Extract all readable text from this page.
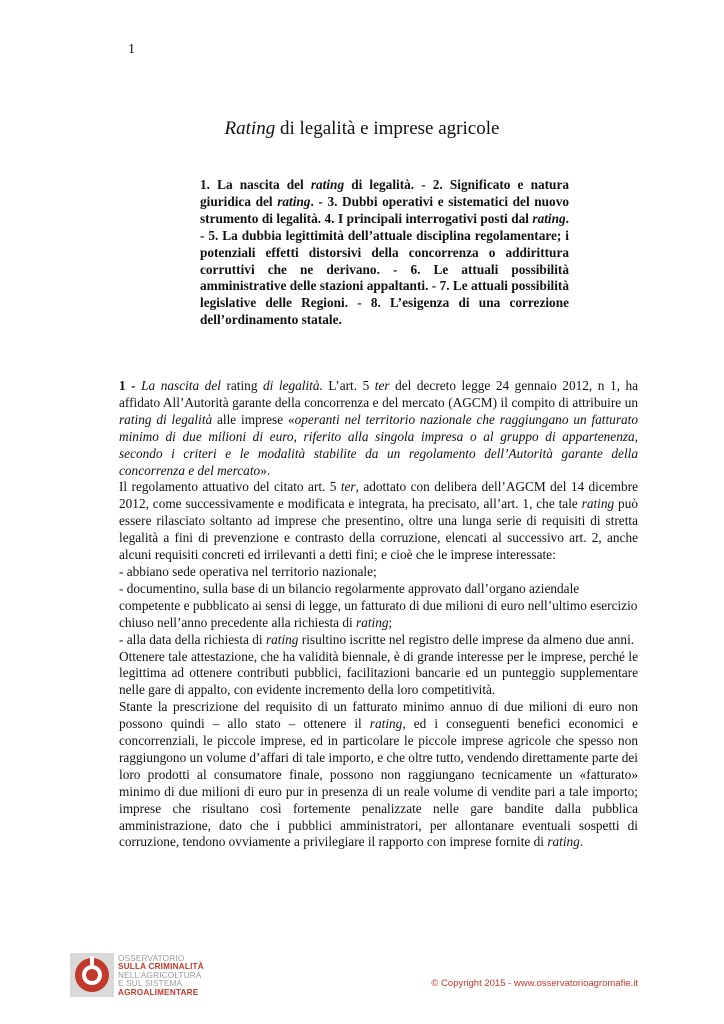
1
Rating di legalità e imprese agricole
1. La nascita del rating di legalità. - 2. Significato e natura giuridica del rating. - 3. Dubbi operativi e sistematici del nuovo strumento di legalità. 4. I principali interrogativi posti dal rating. - 5. La dubbia legittimità dell’attuale disciplina regolamentare; i potenziali effetti distorsivi della concorrenza o addirittura corruttivi che ne derivano. - 6. Le attuali possibilità amministrative delle stazioni appaltanti. - 7. Le attuali possibilità legislative delle Regioni. - 8. L’esigenza di una correzione dell’ordinamento statale.

1 - La nascita del rating di legalità. L’art. 5 ter del decreto legge 24 gennaio 2012, n 1, ha affidato All’Autorità garante della concorrenza e del mercato (AGCM) il compito di attribuire un rating di legalità alle imprese «operanti nel territorio nazionale che raggiungano un fatturato minimo di due milioni di euro, riferito alla singola impresa o al gruppo di appartenenza, secondo i criteri e le modalità stabilite da un regolamento dell’Autorità garante della concorrenza e del mercato».

Il regolamento attuativo del citato art. 5 ter, adottato con delibera dell’AGCM del 14 dicembre 2012, come successivamente e modificata e integrata, ha precisato, all’art. 1, che tale rating può essere rilasciato soltanto ad imprese che presentino, oltre una lunga serie di requisiti di stretta legalità a fini di prevenzione e contrasto della corruzione, elencati al successivo art. 2, anche alcuni requisiti concreti ed irrilevanti a detti fini; e cioè che le imprese interessate:

- abbiano sede operativa nel territorio nazionale;

- documentino, sulla base di un bilancio regolarmente approvato dall’organo aziendale competente e pubblicato ai sensi di legge, un fatturato di due milioni di euro nell’ultimo esercizio chiuso nell’anno precedente alla richiesta di rating;

- alla data della richiesta di rating risultino iscritte nel registro delle imprese da almeno due anni.

Ottenere tale attestazione, che ha validità biennale, è di grande interesse per le imprese, perché le legittima ad ottenere contributi pubblici, facilitazioni bancarie ed un punteggio supplementare nelle gare di appalto, con evidente incremento della loro competitività.

Stante la prescrizione del requisito di un fatturato minimo annuo di due milioni di euro non possono quindi – allo stato – ottenere il rating, ed i conseguenti benefici economici e concorrenziali, le piccole imprese, ed in particolare le piccole imprese agricole che spesso non raggiungono un volume d’affari di tale importo, e che oltre tutto, vendendo direttamente parte dei loro prodotti al consumatore finale, possono non raggiungano tecnicamente un «fatturato» minimo di due milioni di euro pur in presenza di un reale volume di vendite pari a tale importo; imprese che risultano così fortemente penalizzate nelle gare bandite dalla pubblica amministrazione, dato che i pubblici amministratori, per allontanare eventuali sospetti di corruzione, tendono ovviamente a privilegiare il rapporto con imprese fornite di rating.

OSSERVATORIO
SULLA CRIMINALITÀ
NELL’AGRICOLTURA
E SUL SISTEMA
AGROALIMENTARE
© Copyright 2015 - www.osservatorioagromafie.it
